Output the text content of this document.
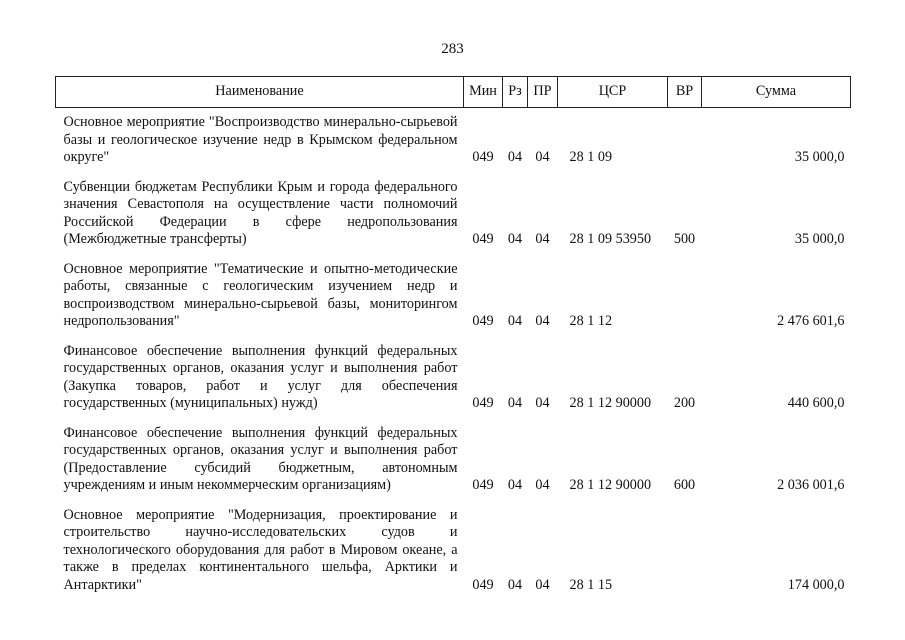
283
Наименование	Мин	Рз	ПР	ЦСР	ВР	Сумма

Основное мероприятие "Воспроизводство минерально-сырьевой базы и геологическое изучение недр в Крымском федеральном округе"	049	04	04	28 1 09		35 000,0

Субвенции бюджетам Республики Крым и города федерального значения Севастополя на осуществление части полномочий Российской Федерации в сфере недропользования (Межбюджетные трансферты)	049	04	04	28 1 09 53950	500	35 000,0

Основное мероприятие "Тематические и опытно-методические работы, связанные с геологическим изучением недр и воспроизводством минерально-сырьевой базы, мониторингом недропользования"	049	04	04	28 1 12		2 476 601,6

Финансовое обеспечение выполнения функций федеральных государственных органов, оказания услуг и выполнения работ (Закупка товаров, работ и услуг для обеспечения государственных (муниципальных) нужд)	049	04	04	28 1 12 90000	200	440 600,0

Финансовое обеспечение выполнения функций федеральных государственных органов, оказания услуг и выполнения работ (Предоставление субсидий бюджетным, автономным учреждениям и иным некоммерческим организациям)	049	04	04	28 1 12 90000	600	2 036 001,6

Основное мероприятие "Модернизация, проектирование и строительство научно-исследовательских судов и технологического оборудования для работ в Мировом океане, а также в пределах континентального шельфа, Арктики и Антарктики"	049	04	04	28 1 15		174 000,0
